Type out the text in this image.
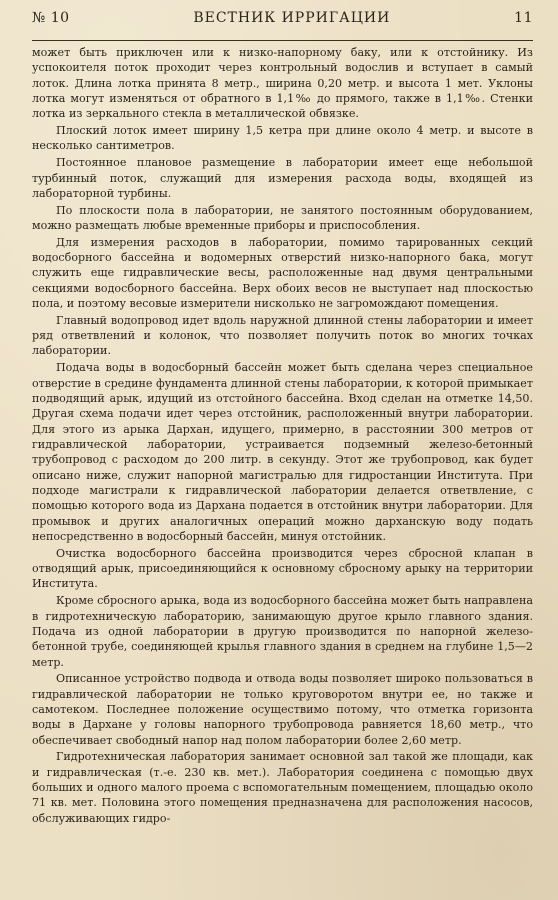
№ 10	ВЕСТНИК ИРРИГАЦИИ	11

может быть приключен или к низко-напорному баку, или к отстойнику. Из успокоителя поток проходит через контрольный водослив и вступает в самый лоток. Длина лотка принята 8 метр., ширина 0,20 метр. и высота 1 мет. Уклоны лотка могут изменяться от обратного в 1,1‰ до прямого, также в 1,1‰. Стенки лотка из зеркального стекла в металлической обвязке.

Плоский лоток имеет ширину 1,5 кетра при длине около 4 метр. и высоте в несколько сантиметров.

Постоянное плановое размещение в лаборатории имеет еще небольшой турбинный поток, служащий для измерения расхода воды, входящей из лабораторной турбины.

По плоскости пола в лаборатории, не занятого постоянным оборудованием, можно размещать любые временные приборы и приспособления.

Для измерения расходов в лаборатории, помимо тарированных секций водосборного бассейна и водомерных отверстий низко-напорного бака, могут служить еще гидравлические весы, расположенные над двумя центральными секциями водосборного бассейна. Верх обоих весов не выступает над плоскостью пола, и поэтому весовые измерители нисколько не загромождают помещения.

Главный водопровод идет вдоль наружной длинной стены лаборатории и имеет ряд ответвлений и колонок, что позволяет получить поток во многих точках лаборатории.

Подача воды в водосборный бассейн может быть сделана через специальное отверстие в средине фундамента длинной стены лаборатории, к которой примыкает подводящий арык, идущий из отстойного бассейна. Вход сделан на отметке 14,50. Другая схема подачи идет через отстойник, расположенный внутри лаборатории. Для этого из арыка Дархан, идущего, примерно, в расстоянии 300 метров от гидравлической лаборатории, устраивается подземный железо-бетонный трубопровод с расходом до 200 литр. в секунду. Этот же трубопровод, как будет описано ниже, служит напорной магистралью для гидростанции Института. При подходе магистрали к гидравлической лаборатории делается ответвление, с помощью которого вода из Дархана подается в отстойник внутри лаборатории. Для промывок и других аналогичных операций можно дарханскую воду подать непосредственно в водосборный бассейн, минуя отстойник.

Очистка водосборного бассейна производится через сбросной клапан в отводящий арык, присоединяющийся к основному сбросному арыку на территории Института.

Кроме сбросного арыка, вода из водосборного бассейна может быть направлена в гидротехническую лабораторию, занимающую другое крыло главного здания. Подача из одной лаборатории в другую производится по напорной железо-бетонной трубе, соединяющей крылья главного здания в среднем на глубине 1,5—2 метр.

Описанное устройство подвода и отвода воды позволяет широко пользоваться в гидравлической лаборатории не только круговоротом внутри ее, но также и самотеком. Последнее положение осуществимо потому, что отметка горизонта воды в Дархане у головы напорного трубопровода равняется 18,60 метр., что обеспечивает свободный напор над полом лаборатории более 2,60 метр.

Гидротехническая лаборатория занимает основной зал такой же площади, как и гидравлическая (т.-е. 230 кв. мет.). Лаборатория соединена с помощью двух больших и одного малого проема с вспомогательным помещением, площадью около 71 кв. мет. Половина этого помещения предназначена для расположения насосов, обслуживающих гидро-
